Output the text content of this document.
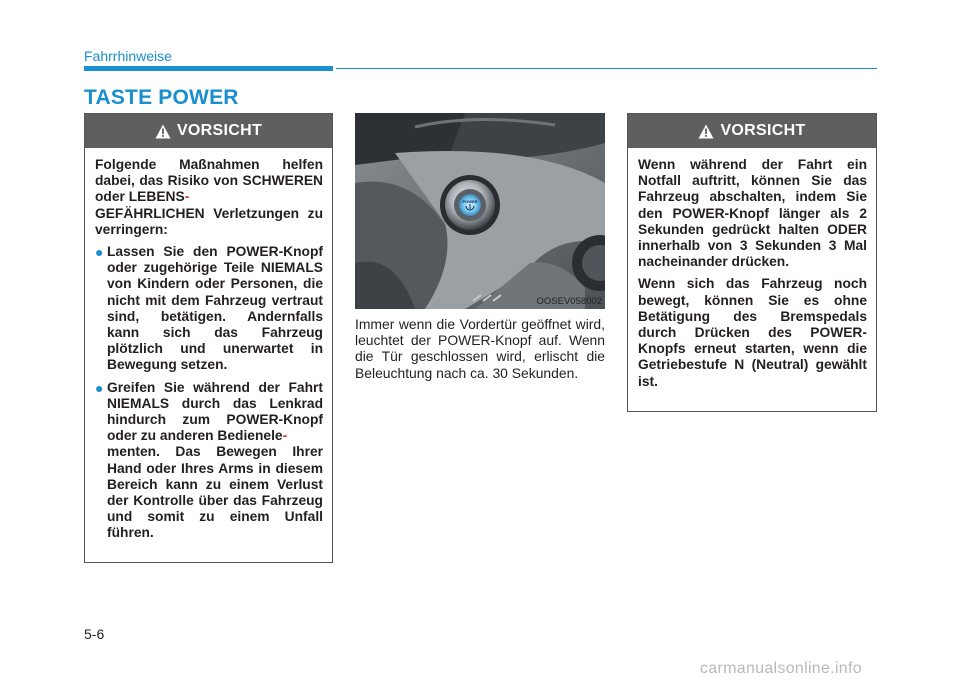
Fahrrhinweise
TASTE POWER
VORSICHT

Folgende Maßnahmen helfen dabei, das Risiko von SCHWEREN oder LEBENS-
GEFÄHRLICHEN Verletzungen zu verringern:

● Lassen Sie den POWER-Knopf oder zugehörige Teile NIEMALS von Kindern oder Personen, die nicht mit dem Fahrzeug vertraut sind, betätigen. Andernfalls kann sich das Fahrzeug plötzlich und unerwartet in Bewegung setzen.
● Greifen Sie während der Fahrt NIEMALS durch das Lenkrad hindurch zum POWER-Knopf oder zu anderen Bedienele-
menten. Das Bewegen Ihrer Hand oder Ihres Arms in diesem Bereich kann zu einem Verlust der Kontrolle über das Fahrzeug und somit zu einem Unfall führen.
POWER
OOSEV058002
Immer wenn die Vordertür geöffnet wird, leuchtet der POWER-Knopf auf. Wenn die Tür geschlossen wird, erlischt die Beleuchtung nach ca. 30 Sekunden.
VORSICHT

Wenn während der Fahrt ein Notfall auftritt, können Sie das Fahrzeug abschalten, indem Sie den POWER-Knopf länger als 2 Sekunden gedrückt halten ODER innerhalb von 3 Sekunden 3 Mal nacheinander drücken.

Wenn sich das Fahrzeug noch bewegt, können Sie es ohne Betätigung des Bremspedals durch Drücken des POWER-Knopfs erneut starten, wenn die Getriebestufe N (Neutral) gewählt ist.

5-6
carmanualsonline.info
